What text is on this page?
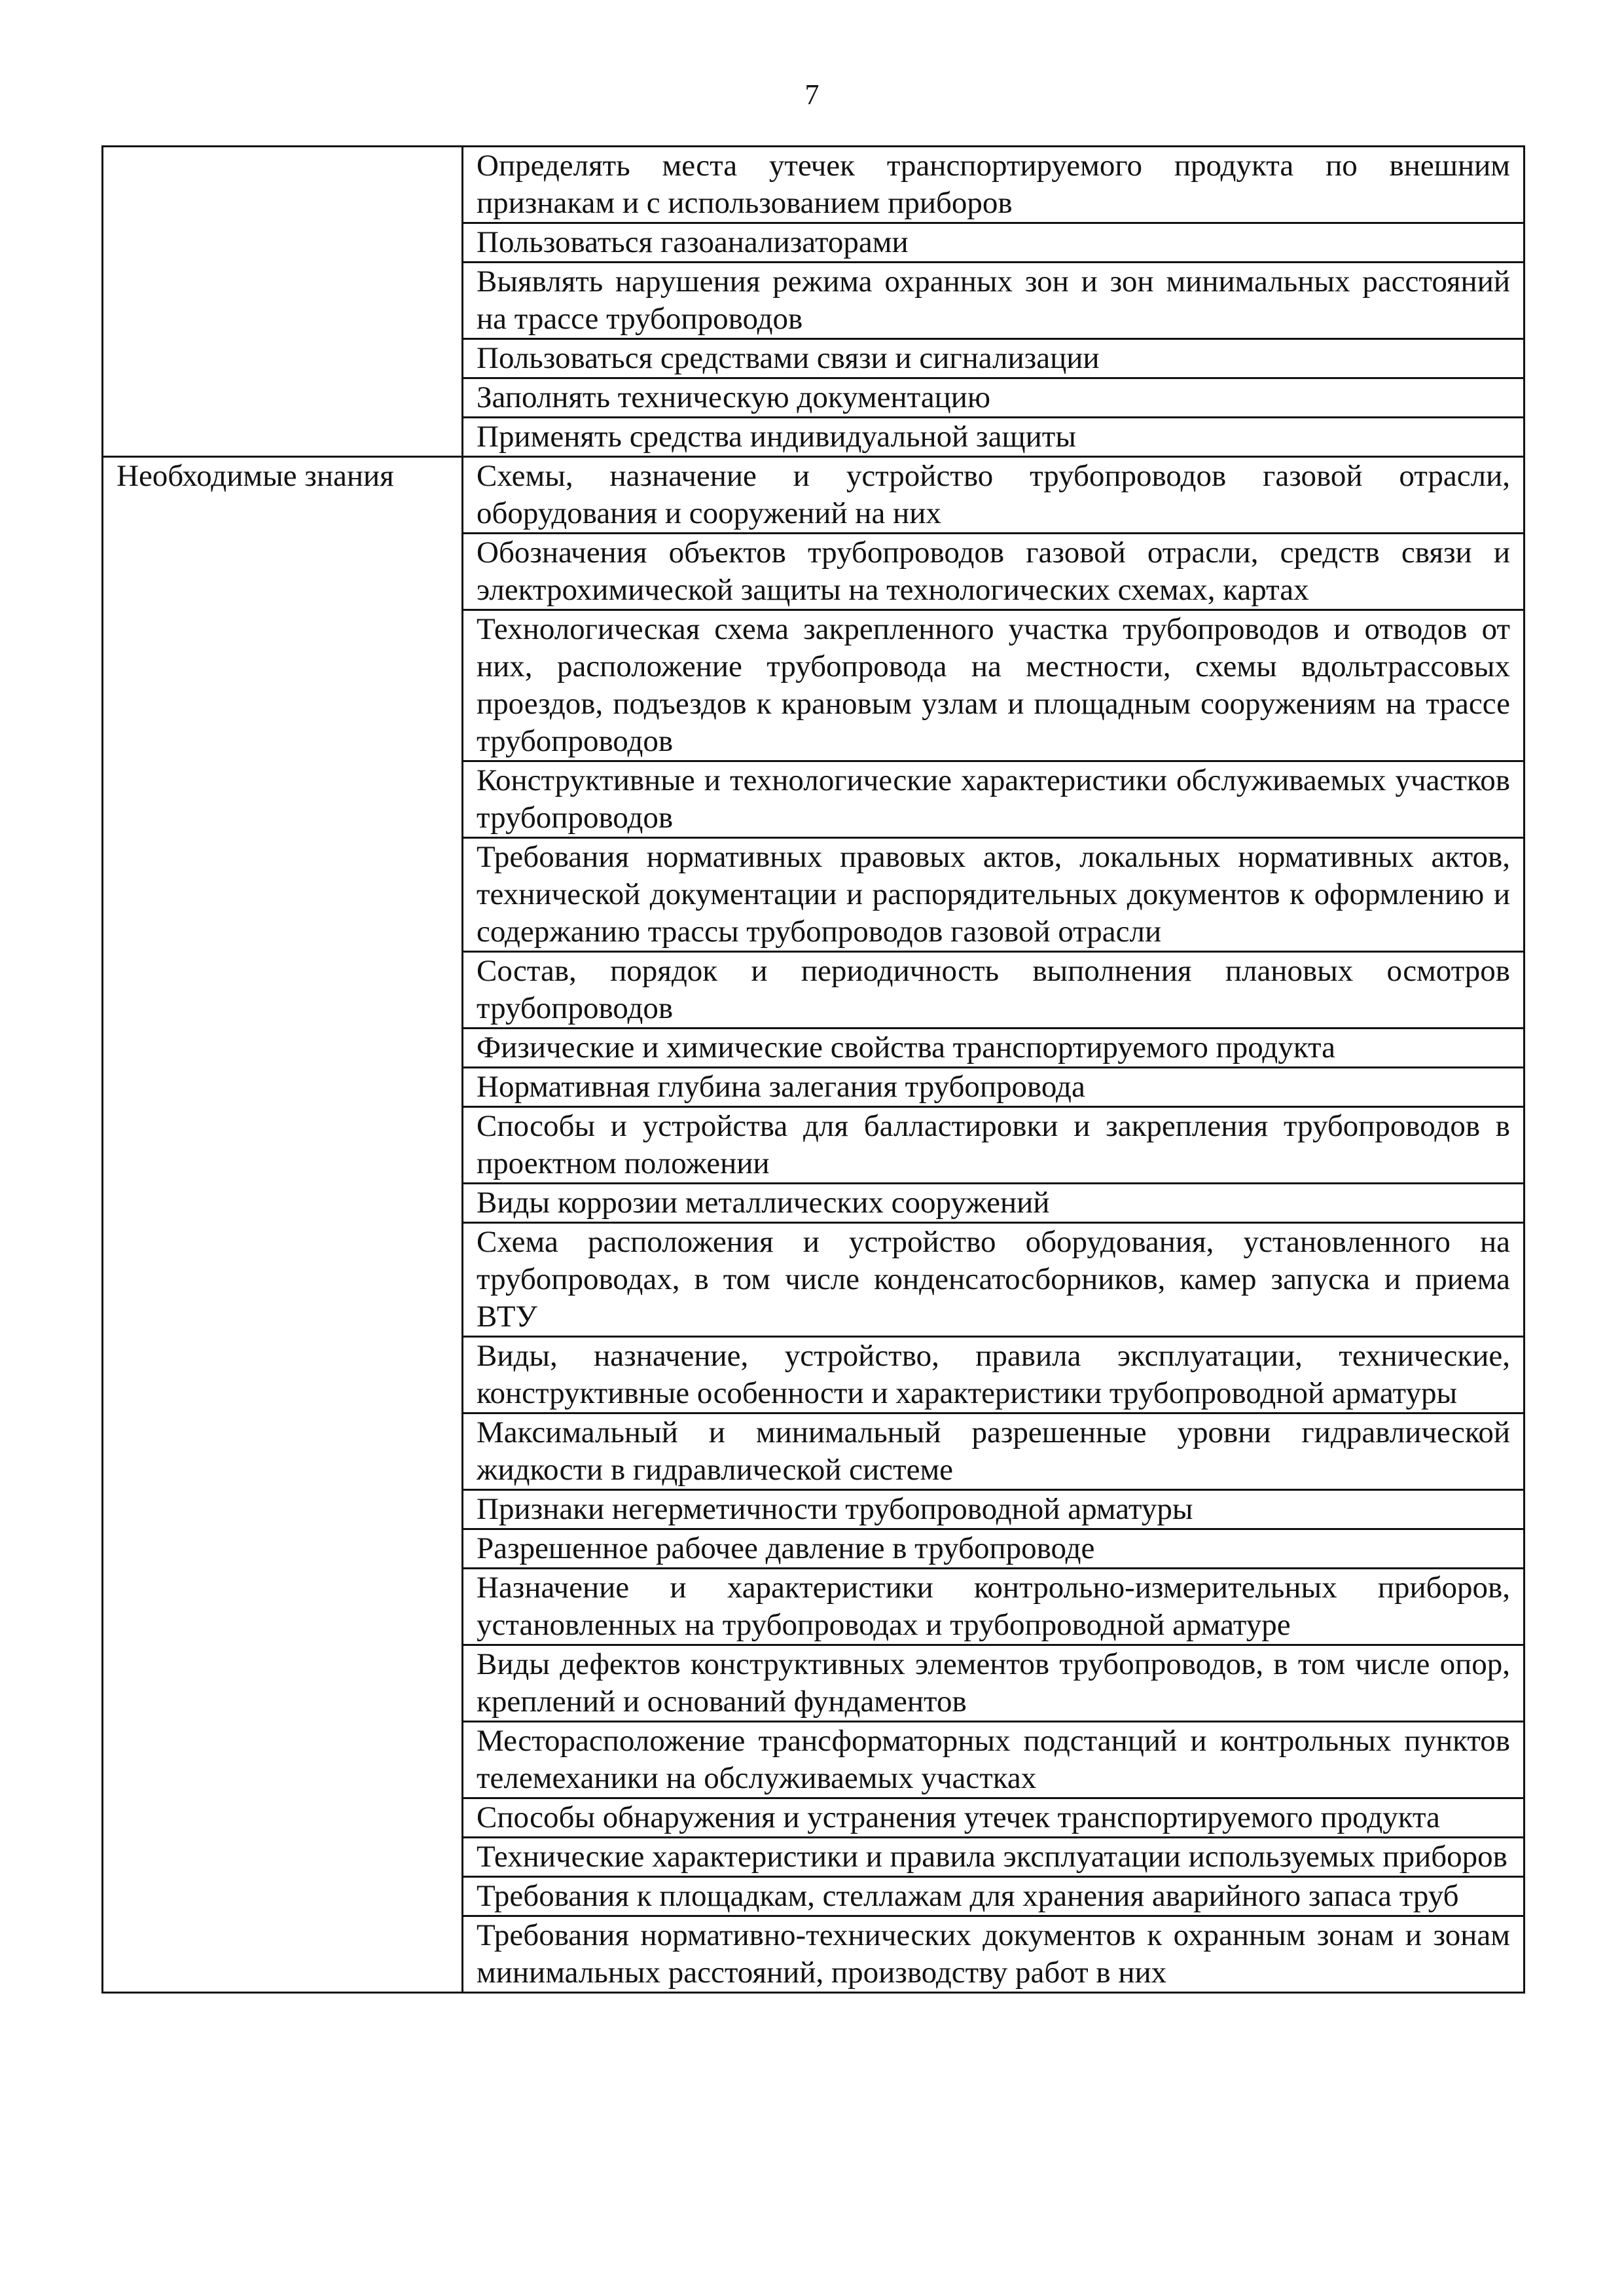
7
	Определять места утечек транспортируемого продукта по внешним признакам и с использованием приборов
	Пользоваться газоанализаторами
	Выявлять нарушения режима охранных зон и зон минимальных расстояний на трассе трубопроводов
	Пользоваться средствами связи и сигнализации
	Заполнять техническую документацию
	Применять средства индивидуальной защиты
Необходимые знания	Схемы, назначение и устройство трубопроводов газовой отрасли, оборудования и сооружений на них
	Обозначения объектов трубопроводов газовой отрасли, средств связи и электрохимической защиты на технологических схемах, картах
	Технологическая схема закрепленного участка трубопроводов и отводов от них, расположение трубопровода на местности, схемы вдольтрассовых проездов, подъездов к крановым узлам и площадным сооружениям на трассе трубопроводов
	Конструктивные и технологические характеристики обслуживаемых участков трубопроводов
	Требования нормативных правовых актов, локальных нормативных актов, технической документации и распорядительных документов к оформлению и содержанию трассы трубопроводов газовой отрасли
	Состав, порядок и периодичность выполнения плановых осмотров трубопроводов
	Физические и химические свойства транспортируемого продукта
	Нормативная глубина залегания трубопровода
	Способы и устройства для балластировки и закрепления трубопроводов в проектном положении
	Виды коррозии металлических сооружений
	Схема расположения и устройство оборудования, установленного на трубопроводах, в том числе конденсатосборников, камер запуска и приема ВТУ
	Виды, назначение, устройство, правила эксплуатации, технические, конструктивные особенности и характеристики трубопроводной арматуры
	Максимальный и минимальный разрешенные уровни гидравлической жидкости в гидравлической системе
	Признаки негерметичности трубопроводной арматуры
	Разрешенное рабочее давление в трубопроводе
	Назначение и характеристики контрольно-измерительных приборов, установленных на трубопроводах и трубопроводной арматуре
	Виды дефектов конструктивных элементов трубопроводов, в том числе опор, креплений и оснований фундаментов
	Месторасположение трансформаторных подстанций и контрольных пунктов телемеханики на обслуживаемых участках
	Способы обнаружения и устранения утечек транспортируемого продукта
	Технические характеристики и правила эксплуатации используемых приборов
	Требования к площадкам, стеллажам для хранения аварийного запаса труб
	Требования нормативно-технических документов к охранным зонам и зонам минимальных расстояний, производству работ в них
